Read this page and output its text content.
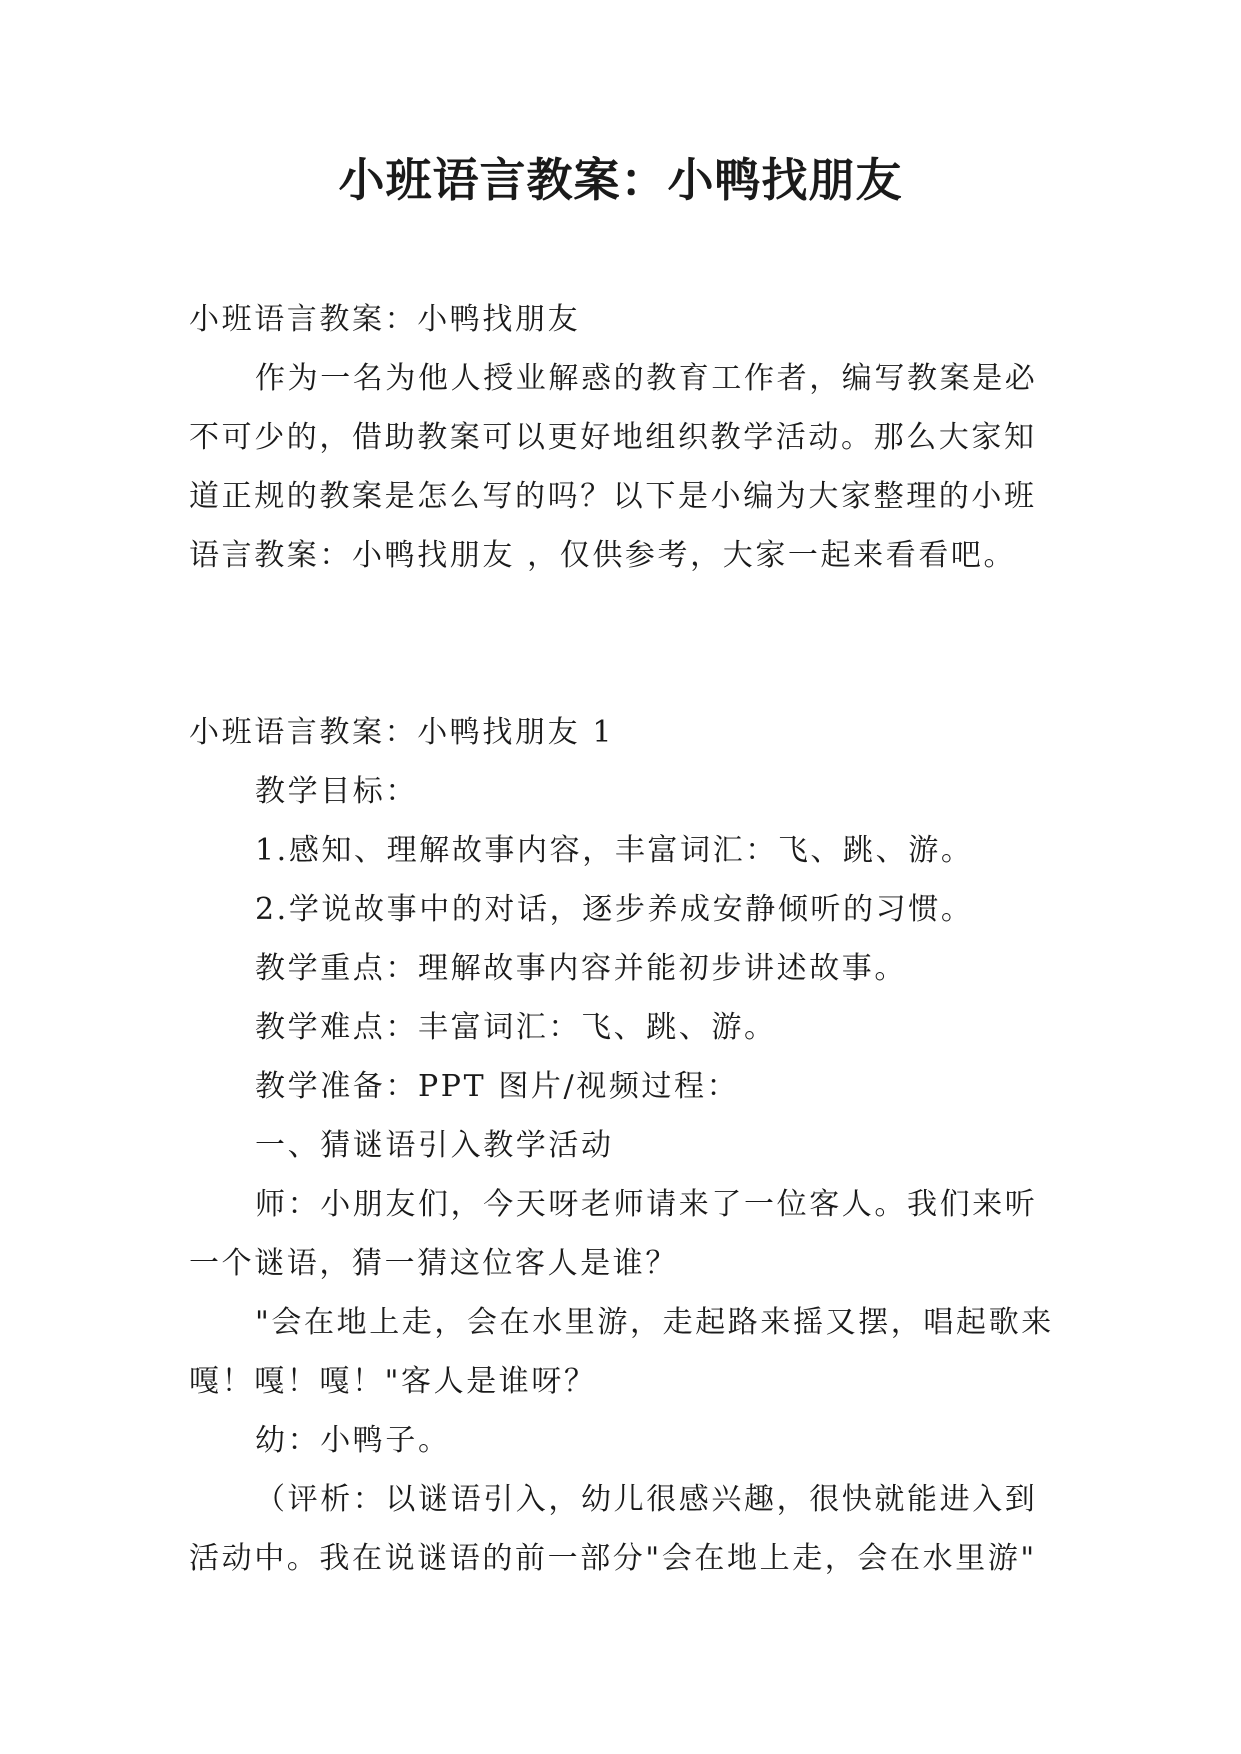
小班语言教案：小鸭找朋友

小班语言教案：小鸭找朋友

作为一名为他人授业解惑的教育工作者，编写教案是必不可少的，借助教案可以更好地组织教学活动。那么大家知道正规的教案是怎么写的吗？以下是小编为大家整理的小班语言教案：小鸭找朋友 ，仅供参考，大家一起来看看吧。

小班语言教案：小鸭找朋友 1

教学目标：

1.感知、理解故事内容，丰富词汇：飞、跳、游。

2.学说故事中的对话，逐步养成安静倾听的习惯。

教学重点：理解故事内容并能初步讲述故事。

教学难点：丰富词汇：飞、跳、游。

教学准备：PPT 图片/视频过程：

一、猜谜语引入教学活动

师：小朋友们，今天呀老师请来了一位客人。我们来听一个谜语，猜一猜这位客人是谁？

"会在地上走，会在水里游，走起路来摇又摆，唱起歌来嘎！嘎！嘎！"客人是谁呀？

幼：小鸭子。

（评析：以谜语引入，幼儿很感兴趣，很快就能进入到活动中。我在说谜语的前一部分"会在地上走，会在水里游"
